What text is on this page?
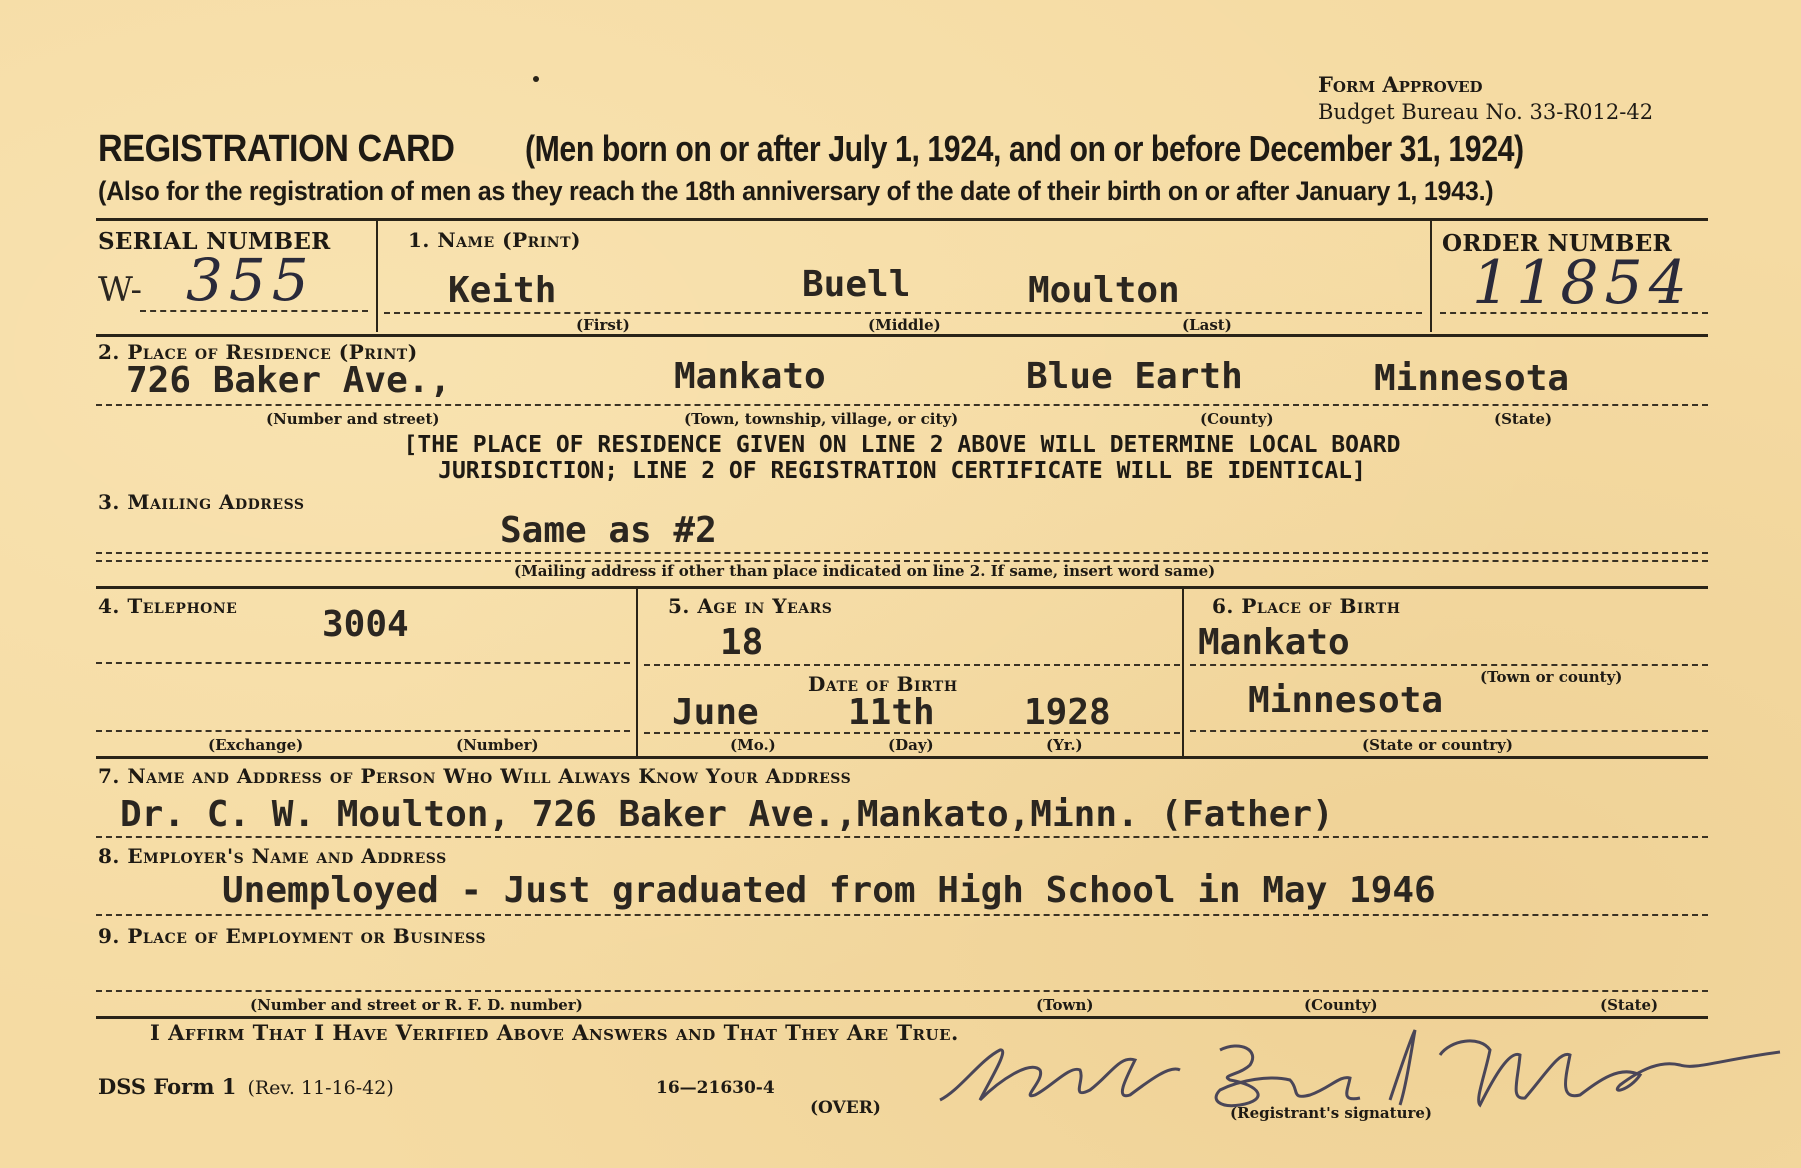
Form Approved
Budget Bureau No. 33-R012-42
REGISTRATION CARD (Men born on or after July 1, 1924, and on or before December 31, 1924)
(Also for the registration of men as they reach the 18th anniversary of the date of their birth on or after January 1, 1943.)
SERIAL NUMBER
W- 355
1. Name (Print)
Keith	Buell	Moulton
(First)	(Middle)	(Last)
ORDER NUMBER
11854
2. Place of Residence (Print)
726 Baker Ave.,	Mankato	Blue Earth	Minnesota
(Number and street)	(Town, township, village, or city)	(County)	(State)
[THE PLACE OF RESIDENCE GIVEN ON LINE 2 ABOVE WILL DETERMINE LOCAL BOARD
JURISDICTION; LINE 2 OF REGISTRATION CERTIFICATE WILL BE IDENTICAL]
3. Mailing Address
Same as #2
(Mailing address if other than place indicated on line 2. If same, insert word same)
4. Telephone 3004
(Exchange)	(Number)
5. Age in Years
18
Date of Birth
June 11th 1928
(Mo.)	(Day)	(Yr.)
6. Place of Birth
Mankato
(Town or county)
Minnesota
(State or country)
7. Name and Address of Person Who Will Always Know Your Address
Dr. C. W. Moulton, 726 Baker Ave.,Mankato,Minn. (Father)
8. Employer's Name and Address
Unemployed - Just graduated from High School in May 1946
9. Place of Employment or Business
(Number and street or R. F. D. number)	(Town)	(County)	(State)
I Affirm That I Have Verified Above Answers and That They Are True.
(Registrant's signature)
DSS Form 1 (Rev. 11-16-42)	16—21630-4
(OVER)
